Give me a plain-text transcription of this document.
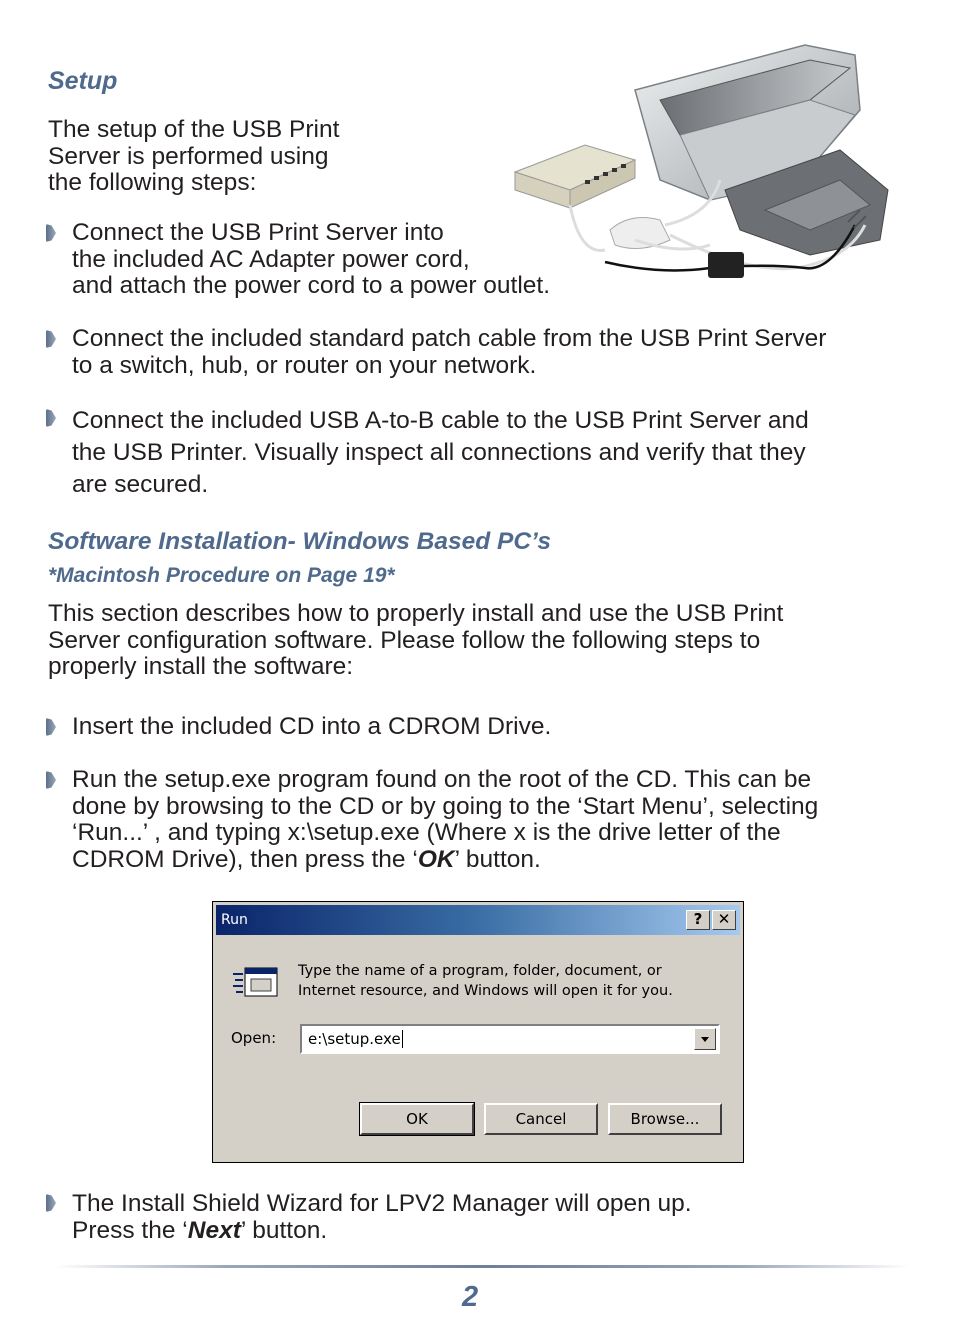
Setup
The setup of the USB Print
Server is performed using
the following steps:
Connect the USB Print Server into
the included AC Adapter power cord,
and attach the power cord to a power outlet.
Connect the included standard patch cable from the USB Print Server
to a switch, hub, or router on your network.
Connect the included USB A-to-B cable to the USB Print Server and
the USB Printer. Visually inspect all connections and verify that they
are secured.
Software Installation- Windows Based PC’s
*Macintosh Procedure on Page 19*
This section describes how to properly install and use the USB Print
Server configuration software. Please follow the following steps to
properly install the software:
Insert the included CD into a CDROM Drive.
Run the setup.exe program found on the root of the CD. This can be
done by browsing to the CD or by going to the ‘Start Menu’, selecting
‘Run...’ , and typing x:\setup.exe (Where x is the drive letter of the
CDROM Drive), then press the ‘OK’ button.
Run	?	✕
Type the name of a program, folder, document, or
Internet resource, and Windows will open it for you.
Open:	e:\setup.exe
OK	Cancel	Browse...
The Install Shield Wizard for LPV2 Manager will open up.
Press the ‘Next’ button.
2
